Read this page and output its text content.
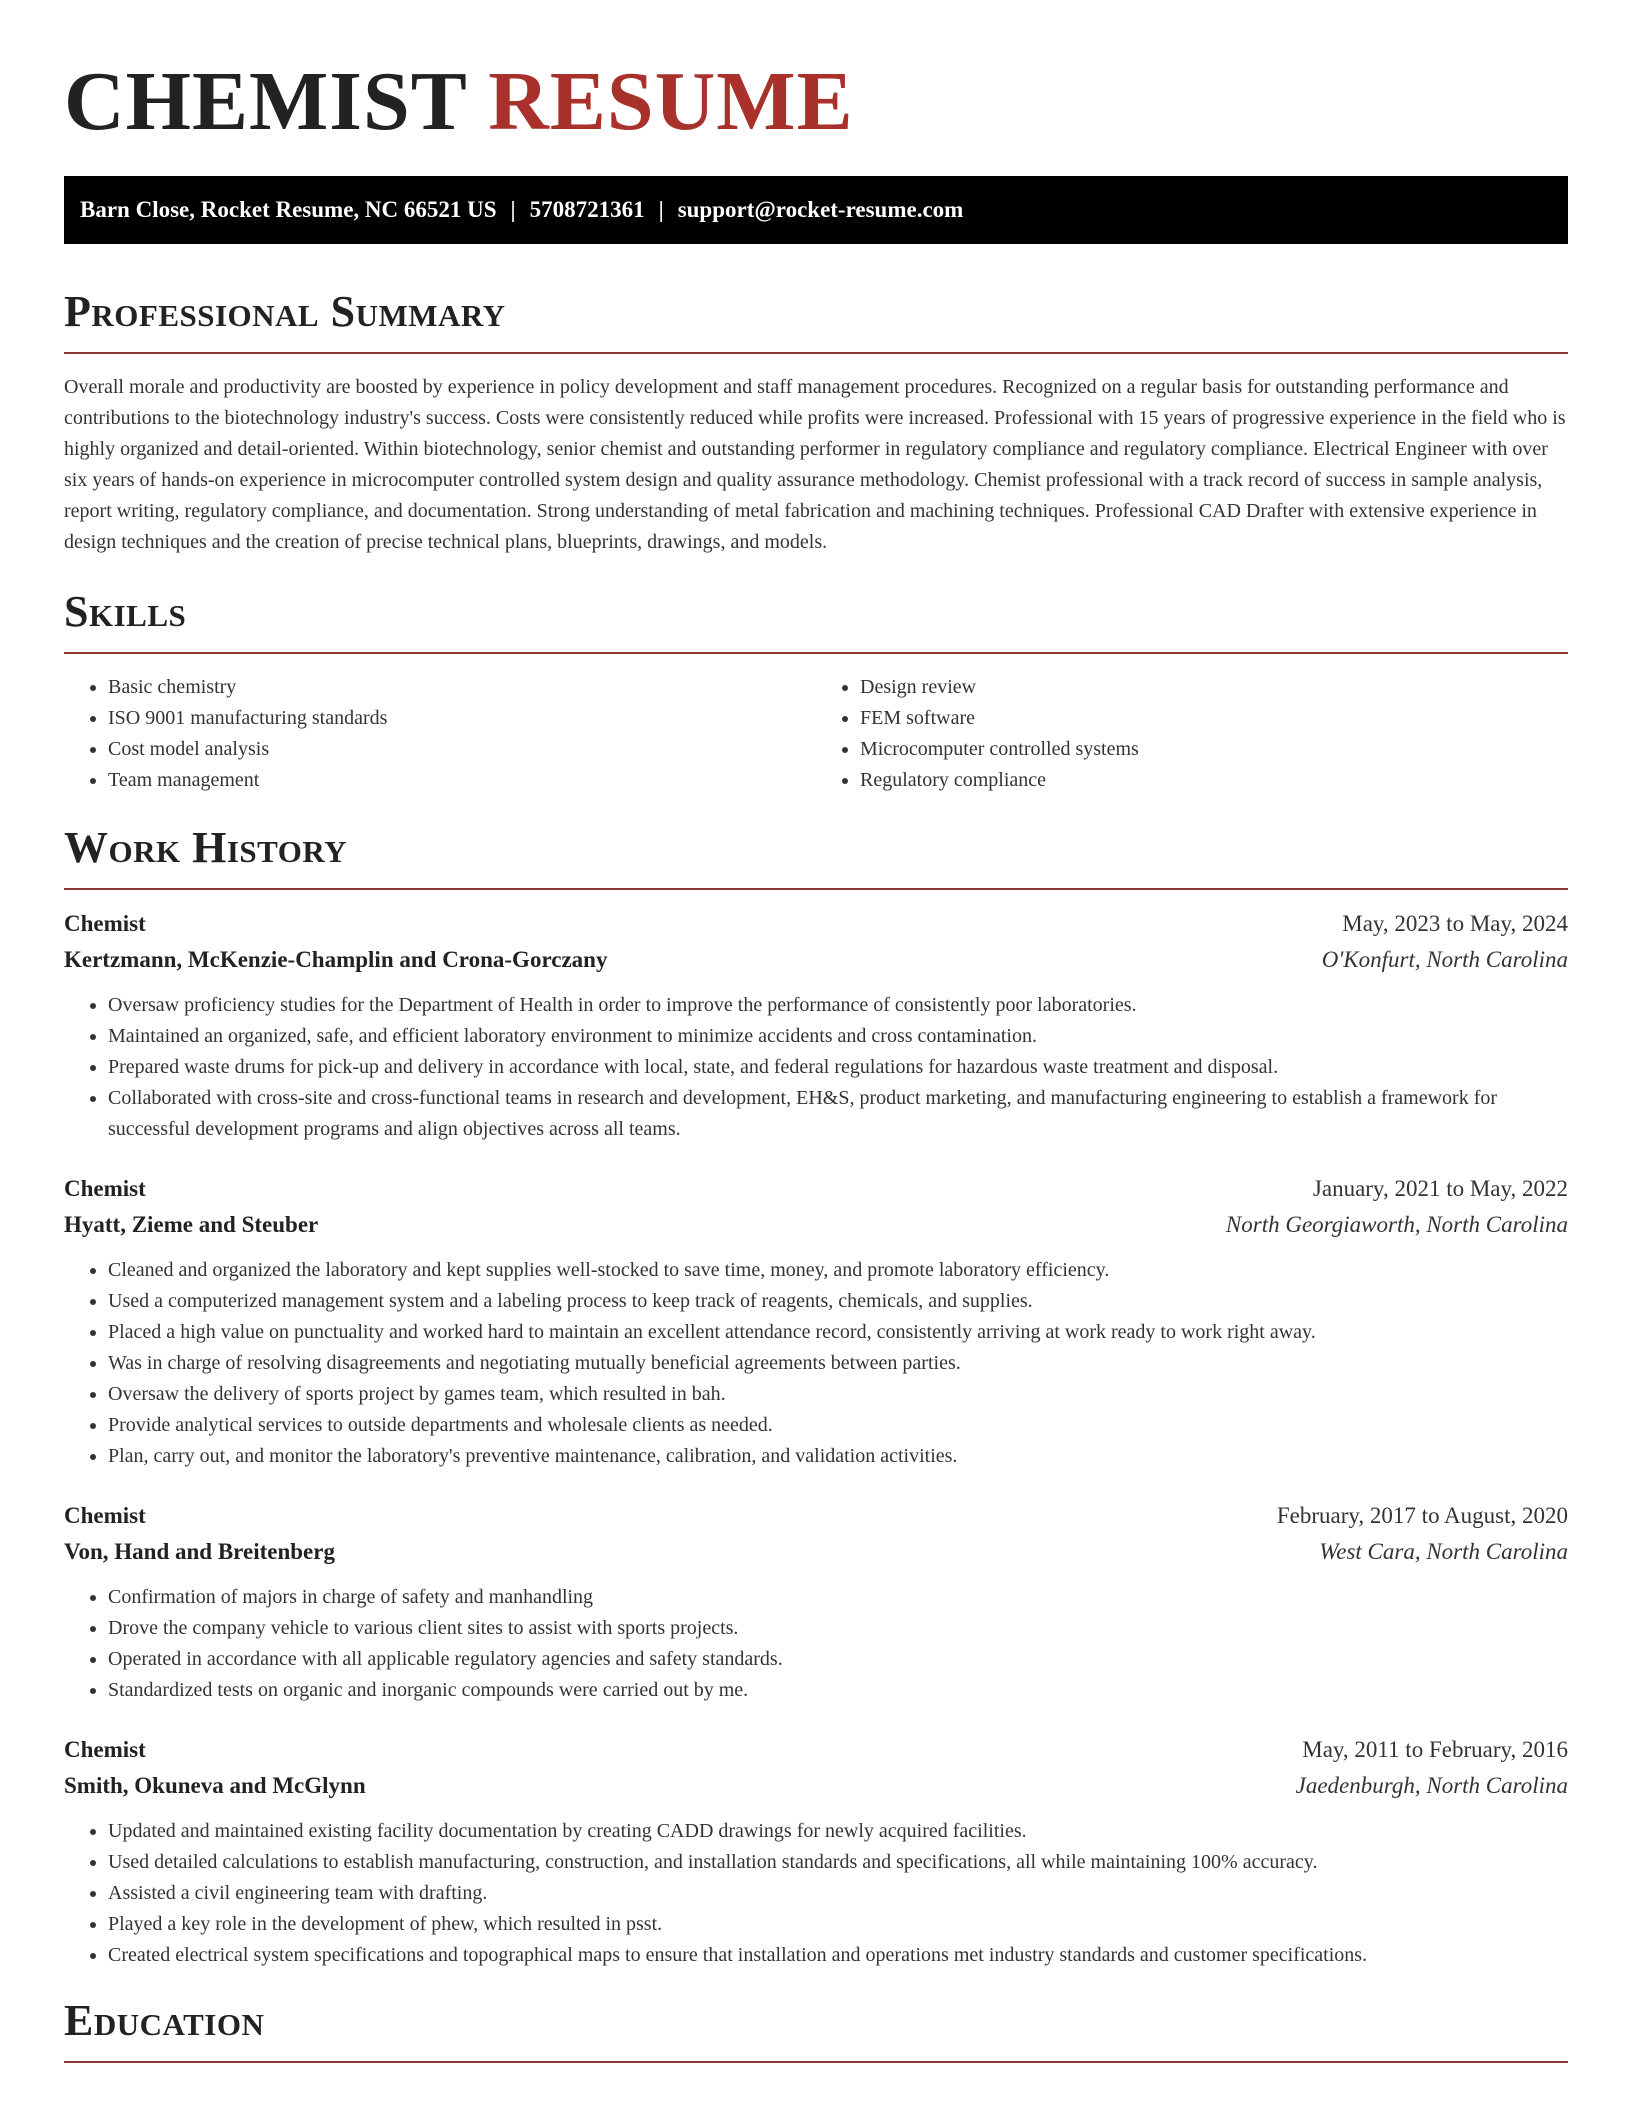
CHEMIST RESUME
Barn Close, Rocket Resume, NC 66521 US | 5708721361 | support@rocket-resume.com
Professional Summary

Overall morale and productivity are boosted by experience in policy development and staff management procedures. Recognized on a regular basis for outstanding performance and contributions to the biotechnology industry's success. Costs were consistently reduced while profits were increased. Professional with 15 years of progressive experience in the field who is highly organized and detail-oriented. Within biotechnology, senior chemist and outstanding performer in regulatory compliance and regulatory compliance. Electrical Engineer with over six years of hands-on experience in microcomputer controlled system design and quality assurance methodology. Chemist professional with a track record of success in sample analysis, report writing, regulatory compliance, and documentation. Strong understanding of metal fabrication and machining techniques. Professional CAD Drafter with extensive experience in design techniques and the creation of precise technical plans, blueprints, drawings, and models.

Skills
• Basic chemistry
• ISO 9001 manufacturing standards
• Cost model analysis
• Team management
• Design review
• FEM software
• Microcomputer controlled systems
• Regulatory compliance
Work History
Chemist	May, 2023 to May, 2024
Kertzmann, McKenzie-Champlin and Crona-Gorczany	O'Konfurt, North Carolina
• Oversaw proficiency studies for the Department of Health in order to improve the performance of consistently poor laboratories.
• Maintained an organized, safe, and efficient laboratory environment to minimize accidents and cross contamination.
• Prepared waste drums for pick-up and delivery in accordance with local, state, and federal regulations for hazardous waste treatment and disposal.
• Collaborated with cross-site and cross-functional teams in research and development, EH&S, product marketing, and manufacturing engineering to establish a framework for successful development programs and align objectives across all teams.
Chemist	January, 2021 to May, 2022
Hyatt, Zieme and Steuber	North Georgiaworth, North Carolina
• Cleaned and organized the laboratory and kept supplies well-stocked to save time, money, and promote laboratory efficiency.
• Used a computerized management system and a labeling process to keep track of reagents, chemicals, and supplies.
• Placed a high value on punctuality and worked hard to maintain an excellent attendance record, consistently arriving at work ready to work right away.
• Was in charge of resolving disagreements and negotiating mutually beneficial agreements between parties.
• Oversaw the delivery of sports project by games team, which resulted in bah.
• Provide analytical services to outside departments and wholesale clients as needed.
• Plan, carry out, and monitor the laboratory's preventive maintenance, calibration, and validation activities.
Chemist	February, 2017 to August, 2020
Von, Hand and Breitenberg	West Cara, North Carolina
• Confirmation of majors in charge of safety and manhandling
• Drove the company vehicle to various client sites to assist with sports projects.
• Operated in accordance with all applicable regulatory agencies and safety standards.
• Standardized tests on organic and inorganic compounds were carried out by me.
Chemist	May, 2011 to February, 2016
Smith, Okuneva and McGlynn	Jaedenburgh, North Carolina
• Updated and maintained existing facility documentation by creating CADD drawings for newly acquired facilities.
• Used detailed calculations to establish manufacturing, construction, and installation standards and specifications, all while maintaining 100% accuracy.
• Assisted a civil engineering team with drafting.
• Played a key role in the development of phew, which resulted in psst.
• Created electrical system specifications and topographical maps to ensure that installation and operations met industry standards and customer specifications.
Education
